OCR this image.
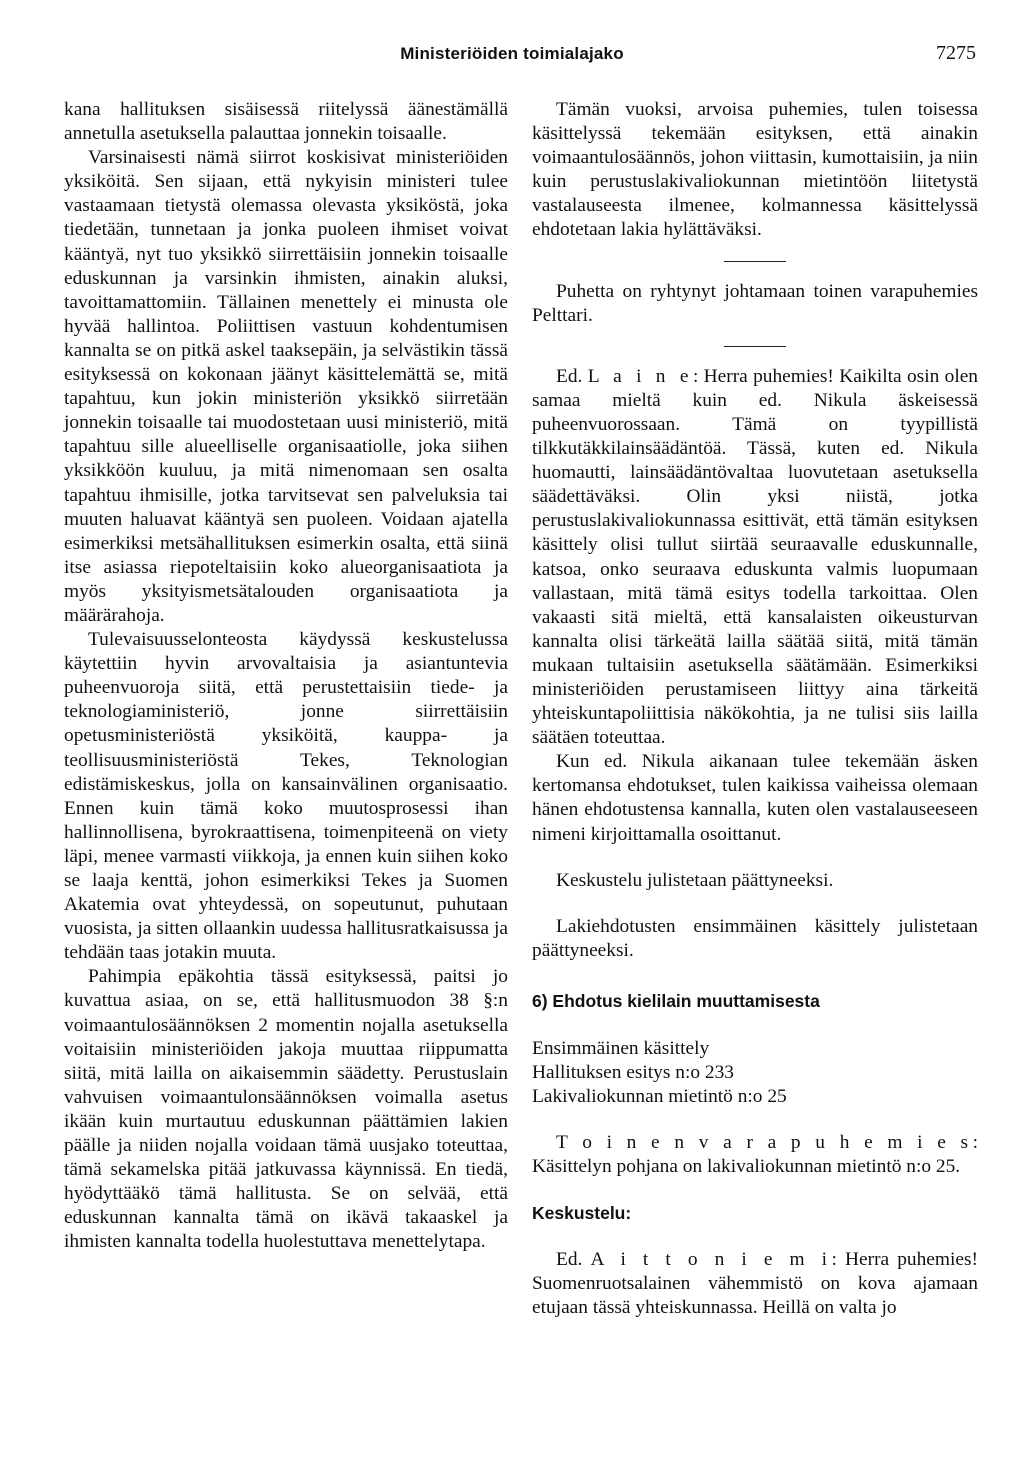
Ministeriöiden toimialajako	7275

kana hallituksen sisäisessä riitelyssä äänestämällä annetulla asetuksella palauttaa jonnekin toisaalle.

Varsinaisesti nämä siirrot koskisivat ministeriöiden yksiköitä. Sen sijaan, että nykyisin ministeri tulee vastaamaan tietystä olemassa olevasta yksiköstä, joka tiedetään, tunnetaan ja jonka puoleen ihmiset voivat kääntyä, nyt tuo yksikkö siirrettäisiin jonnekin toisaalle eduskunnan ja varsinkin ihmisten, ainakin aluksi, tavoittamattomiin. Tällainen menettely ei minusta ole hyvää hallintoa. Poliittisen vastuun kohdentumisen kannalta se on pitkä askel taaksepäin, ja selvästikin tässä esityksessä on kokonaan jäänyt käsittelemättä se, mitä tapahtuu, kun jokin ministeriön yksikkö siirretään jonnekin toisaalle tai muodostetaan uusi ministeriö, mitä tapahtuu sille alueelliselle organisaatiolle, joka siihen yksikköön kuuluu, ja mitä nimenomaan sen osalta tapahtuu ihmisille, jotka tarvitsevat sen palveluksia tai muuten haluavat kääntyä sen puoleen. Voidaan ajatella esimerkiksi metsähallituksen esimerkin osalta, että siinä itse asiassa riepoteltaisiin koko alueorganisaatiota ja myös yksityismetsätalouden organisaatiota ja määrärahoja.

Tulevaisuusselonteosta käydyssä keskustelussa käytettiin hyvin arvovaltaisia ja asiantuntevia puheenvuoroja siitä, että perustettaisiin tiede- ja teknologiaministeriö, jonne siirrettäisiin opetusministeriöstä yksiköitä, kauppa- ja teollisuusministeriöstä Tekes, Teknologian edistämiskeskus, jolla on kansainvälinen organisaatio. Ennen kuin tämä koko muutosprosessi ihan hallinnollisena, byrokraattisena, toimenpiteenä on viety läpi, menee varmasti viikkoja, ja ennen kuin siihen koko se laaja kenttä, johon esimerkiksi Tekes ja Suomen Akatemia ovat yhteydessä, on sopeutunut, puhutaan vuosista, ja sitten ollaankin uudessa hallitusratkaisussa ja tehdään taas jotakin muuta.

Pahimpia epäkohtia tässä esityksessä, paitsi jo kuvattua asiaa, on se, että hallitusmuodon 38 §:n voimaantulosäännöksen 2 momentin nojalla asetuksella voitaisiin ministeriöiden jakoja muuttaa riippumatta siitä, mitä lailla on aikaisemmin säädetty. Perustuslain vahvuisen voimaantulonsäännöksen voimalla asetus ikään kuin murtautuu eduskunnan päättämien lakien päälle ja niiden nojalla voidaan tämä uusjako toteuttaa, tämä sekamelska pitää jatkuvassa käynnissä. En tiedä, hyödyttääkö tämä hallitusta. Se on selvää, että eduskunnan kannalta tämä on ikävä takaaskel ja ihmisten kannalta todella huolestuttava menettelytapa.

Tämän vuoksi, arvoisa puhemies, tulen toisessa käsittelyssä tekemään esityksen, että ainakin voimaantulosäännös, johon viittasin, kumottaisiin, ja niin kuin perustuslakivaliokunnan mietintöön liitetystä vastalauseesta ilmenee, kolmannessa käsittelyssä ehdotetaan lakia hylättäväksi.

Puhetta on ryhtynyt johtamaan toinen varapuhemies Pelttari.

Ed. L a i n e: Herra puhemies! Kaikilta osin olen samaa mieltä kuin ed. Nikula äskeisessä puheenvuorossaan. Tämä on tyypillistä tilkkutäkkilainsäädäntöä. Tässä, kuten ed. Nikula huomautti, lainsäädäntövaltaa luovutetaan asetuksella säädettäväksi. Olin yksi niistä, jotka perustuslakivaliokunnassa esittivät, että tämän esityksen käsittely olisi tullut siirtää seuraavalle eduskunnalle, katsoa, onko seuraava eduskunta valmis luopumaan vallastaan, mitä tämä esitys todella tarkoittaa. Olen vakaasti sitä mieltä, että kansalaisten oikeusturvan kannalta olisi tärkeätä lailla säätää siitä, mitä tämän mukaan tultaisiin asetuksella säätämään. Esimerkiksi ministeriöiden perustamiseen liittyy aina tärkeitä yhteiskuntapoliittisia näkökohtia, ja ne tulisi siis lailla säätäen toteuttaa.

Kun ed. Nikula aikanaan tulee tekemään äsken kertomansa ehdotukset, tulen kaikissa vaiheissa olemaan hänen ehdotustensa kannalla, kuten olen vastalauseeseen nimeni kirjoittamalla osoittanut.

Keskustelu julistetaan päättyneeksi.

Lakiehdotusten ensimmäinen käsittely julistetaan päättyneeksi.

6) Ehdotus kielilain muuttamisesta
Ensimmäinen käsittely
Hallituksen esitys n:o 233
Lakivaliokunnan mietintö n:o 25

T o i n e n v a r a p u h e m i e s: Käsittelyn pohjana on lakivaliokunnan mietintö n:o 25.

Keskustelu:

Ed. A i t t o n i e m i: Herra puhemies! Suomenruotsalainen vähemmistö on kova ajamaan etujaan tässä yhteiskunnassa. Heillä on valta jo
